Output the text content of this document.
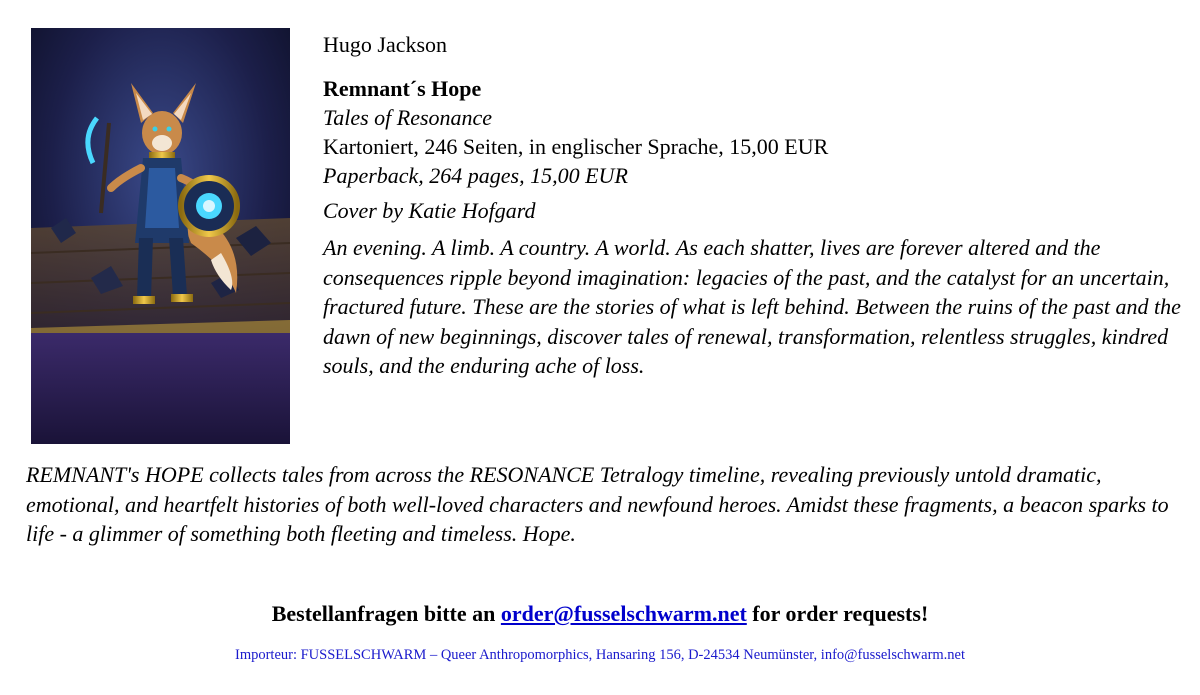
Hugo Jackson

Remnant´s Hope

Tales of Resonance

Kartoniert, 246 Seiten, in englischer Sprache, 15,00 EUR

Paperback, 264 pages, 15,00 EUR

Cover by Katie Hofgard

An evening. A limb. A country. A world. As each shatter, lives are forever altered and the consequences ripple beyond imagination: legacies of the past, and the catalyst for an uncertain, fractured future. These are the stories of what is left behind. Between the ruins of the past and the dawn of new beginnings, discover tales of renewal, transformation, relentless struggles, kindred souls, and the enduring ache of loss.

REMNANT's HOPE collects tales from across the RESONANCE Tetralogy timeline, revealing previously untold dramatic, emotional, and heartfelt histories of both well-loved characters and newfound heroes. Amidst these fragments, a beacon sparks to life - a glimmer of something both fleeting and timeless. Hope.

Bestellanfragen bitte an order@fusselschwarm.net for order requests!

Importeur: FUSSELSCHWARM – Queer Anthropomorphics, Hansaring 156, D-24534 Neumünster, info@fusselschwarm.net
